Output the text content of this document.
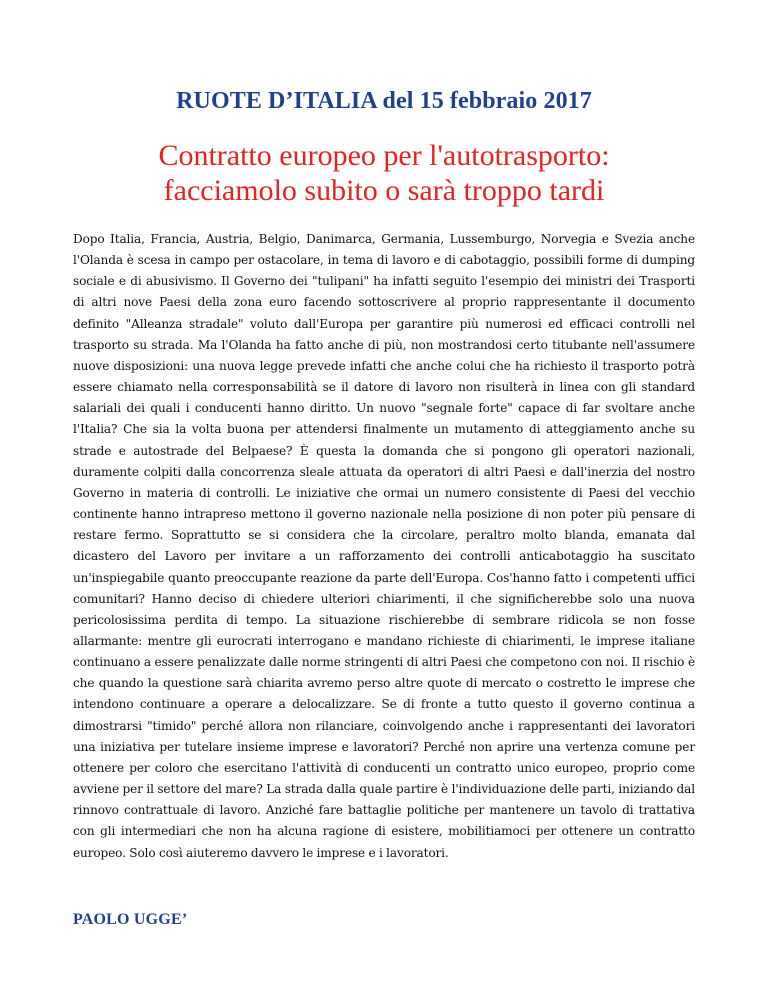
RUOTE D’ITALIA del 15 febbraio 2017
Contratto europeo per l'autotrasporto:
facciamolo subito o sarà troppo tardi

Dopo Italia, Francia, Austria, Belgio, Danimarca, Germania, Lussemburgo, Norvegia e Svezia anche l'Olanda è scesa in campo per ostacolare, in tema di lavoro e di cabotaggio, possibili forme di dumping sociale e di abusivismo. Il Governo dei "tulipani" ha infatti seguito l'esempio dei ministri dei Trasporti di altri nove Paesi della zona euro facendo sottoscrivere al proprio rappresentante il documento definito "Alleanza stradale" voluto dall'Europa per garantire più numerosi ed efficaci controlli nel trasporto su strada. Ma l'Olanda ha fatto anche di più, non mostrandosi certo titubante nell'assumere nuove disposizioni: una nuova legge prevede infatti che anche colui che ha richiesto il trasporto potrà essere chiamato nella corresponsabilità se il datore di lavoro non risulterà in linea con gli standard salariali dei quali i conducenti hanno diritto. Un nuovo "segnale forte" capace di far svoltare anche l'Italia? Che sia la volta buona per attendersi finalmente un mutamento di atteggiamento anche su strade e autostrade del Belpaese? È questa la domanda che si pongono gli operatori nazionali, duramente colpiti dalla concorrenza sleale attuata da operatori di altri Paesi e dall'inerzia del nostro Governo in materia di controlli. Le iniziative che ormai un numero consistente di Paesi del vecchio continente hanno intrapreso mettono il governo nazionale nella posizione di non poter più pensare di restare fermo. Soprattutto se si considera che la circolare, peraltro molto blanda, emanata dal dicastero del Lavoro per invitare a un rafforzamento dei controlli anticabotaggio ha suscitato un'inspiegabile quanto preoccupante reazione da parte dell'Europa. Cos'hanno fatto i competenti uffici comunitari? Hanno deciso di chiedere ulteriori chiarimenti, il che significherebbe solo una nuova pericolosissima perdita di tempo. La situazione rischierebbe di sembrare ridicola se non fosse allarmante: mentre gli eurocrati interrogano e mandano richieste di chiarimenti, le imprese italiane continuano a essere penalizzate dalle norme stringenti di altri Paesi che competono con noi. Il rischio è che quando la questione sarà chiarita avremo perso altre quote di mercato o costretto le imprese che intendono continuare a operare a delocalizzare. Se di fronte a tutto questo il governo continua a dimostrarsi "timido" perché allora non rilanciare, coinvolgendo anche i rappresentanti dei lavoratori una iniziativa per tutelare insieme imprese e lavoratori? Perché non aprire una vertenza comune per ottenere per coloro che esercitano l'attività di conducenti un contratto unico europeo, proprio come avviene per il settore del mare? La strada dalla quale partire è l'individuazione delle parti, iniziando dal rinnovo contrattuale di lavoro. Anziché fare battaglie politiche per mantenere un tavolo di trattativa con gli intermediari che non ha alcuna ragione di esistere, mobilitiamoci per ottenere un contratto europeo. Solo così aiuteremo davvero le imprese e i lavoratori.

PAOLO UGGE’
